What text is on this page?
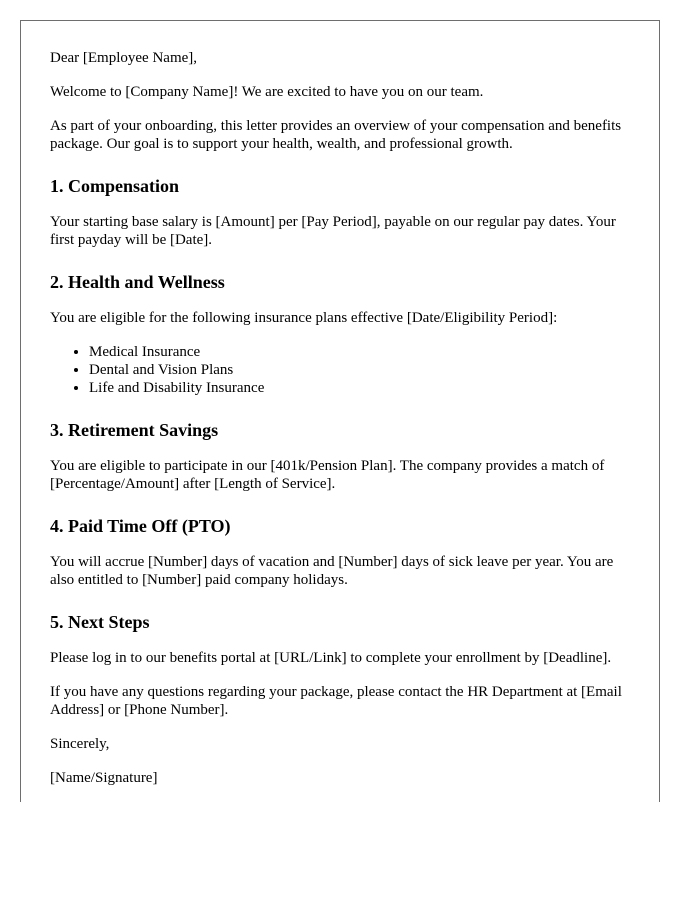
Dear [Employee Name],

Welcome to [Company Name]! We are excited to have you on our team.

As part of your onboarding, this letter provides an overview of your compensation and benefits package. Our goal is to support your health, wealth, and professional growth.

1. Compensation

Your starting base salary is [Amount] per [Pay Period], payable on our regular pay dates. Your first payday will be [Date].

2. Health and Wellness

You are eligible for the following insurance plans effective [Date/Eligibility Period]:

• Medical Insurance
• Dental and Vision Plans
• Life and Disability Insurance
3. Retirement Savings

You are eligible to participate in our [401k/Pension Plan]. The company provides a match of [Percentage/Amount] after [Length of Service].

4. Paid Time Off (PTO)

You will accrue [Number] days of vacation and [Number] days of sick leave per year. You are also entitled to [Number] paid company holidays.

5. Next Steps

Please log in to our benefits portal at [URL/Link] to complete your enrollment by [Deadline].

If you have any questions regarding your package, please contact the HR Department at [Email Address] or [Phone Number].

Sincerely,

[Name/Signature]
